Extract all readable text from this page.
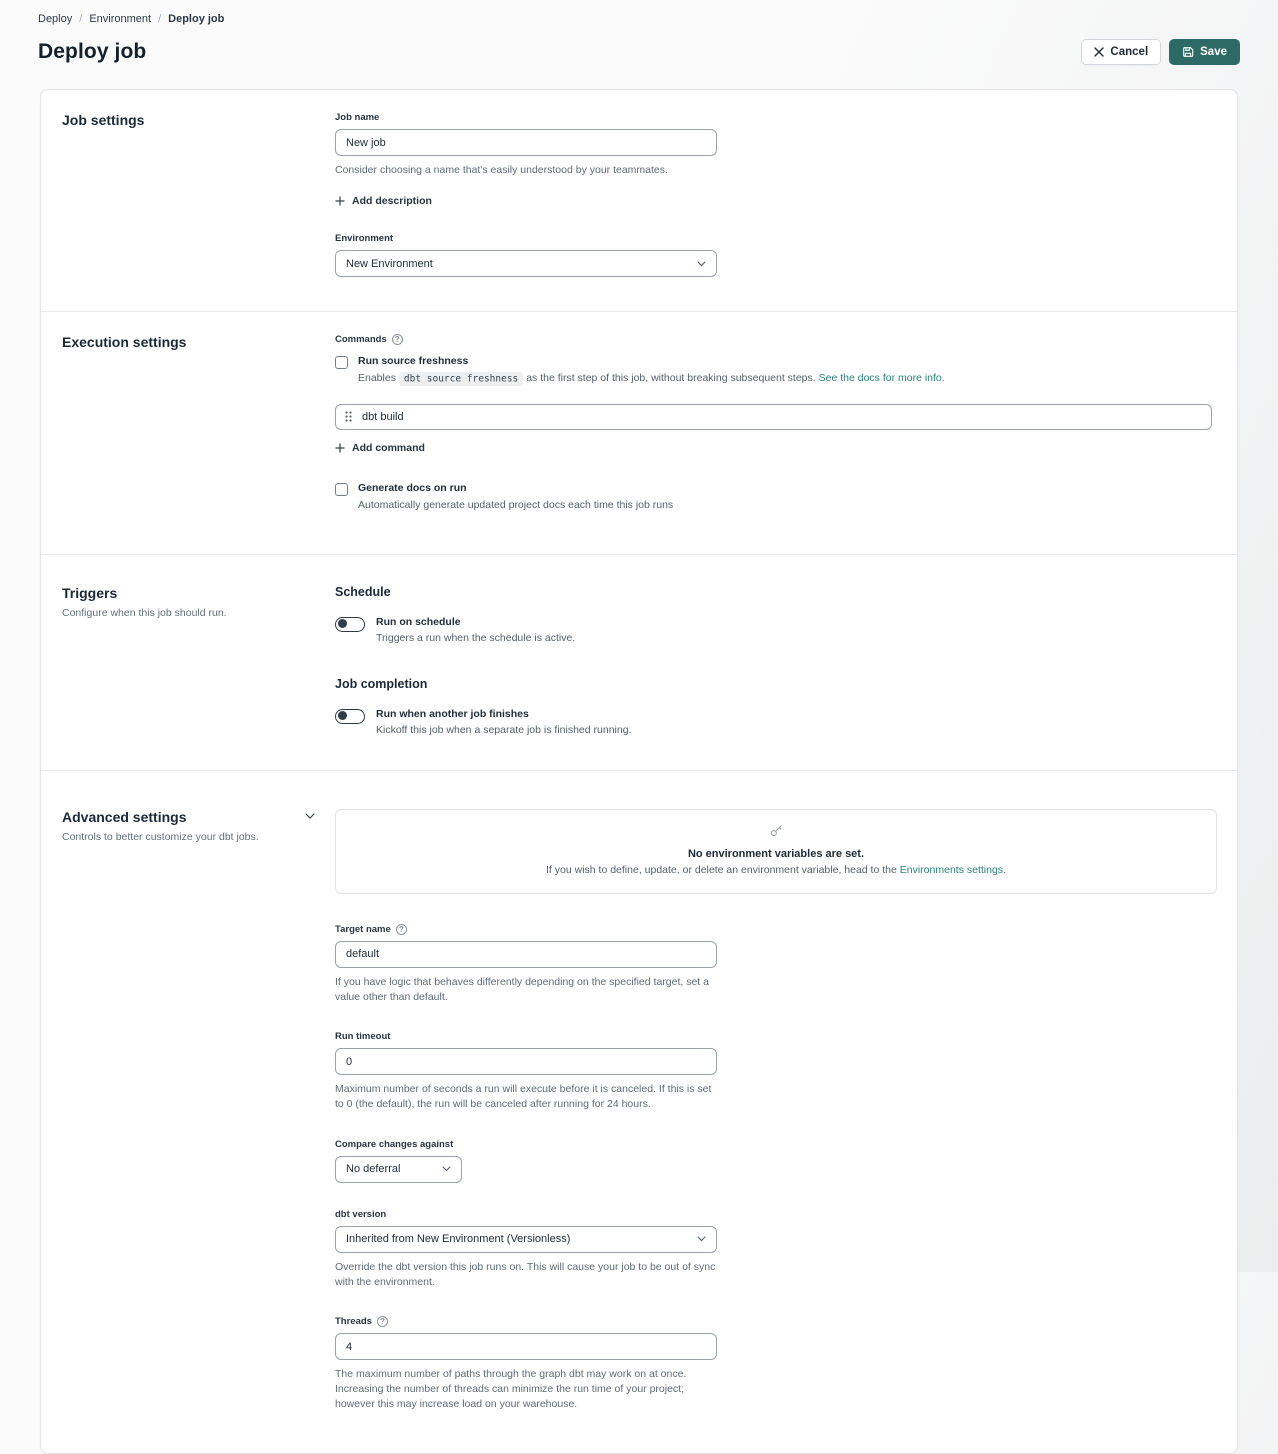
Deploy / Environment / Deploy job
Deploy job	Cancel	Save
Job settings	Job name
New job
Consider choosing a name that's easily understood by your teammates.
Add description
Environment
New Environment
Execution settings	Commands
?
Run source freshness
Enables dbt source freshness as the first step of this job, without breaking subsequent steps. See the docs for more info.
dbt build
Add command
Generate docs on run
Automatically generate updated project docs each time this job runs
Triggers
Configure when this job should run.
Schedule
Run on schedule
Triggers a run when the schedule is active.
Job completion
Run when another job finishes
Kickoff this job when a separate job is finished running.
Advanced settings
Controls to better customize your dbt jobs.
No environment variables are set.
If you wish to define, update, or delete an environment variable, head to the Environments settings.
Target name
?
default
If you have logic that behaves differently depending on the specified target, set a value other than default.
Run timeout
0
Maximum number of seconds a run will execute before it is canceled. If this is set to 0 (the default), the run will be canceled after running for 24 hours.
Compare changes against
No deferral
dbt version
Inherited from New Environment (Versionless)
Override the dbt version this job runs on. This will cause your job to be out of sync with the environment.
Threads
?
4
The maximum number of paths through the graph dbt may work on at once. Increasing the number of threads can minimize the run time of your project; however this may increase load on your warehouse.
